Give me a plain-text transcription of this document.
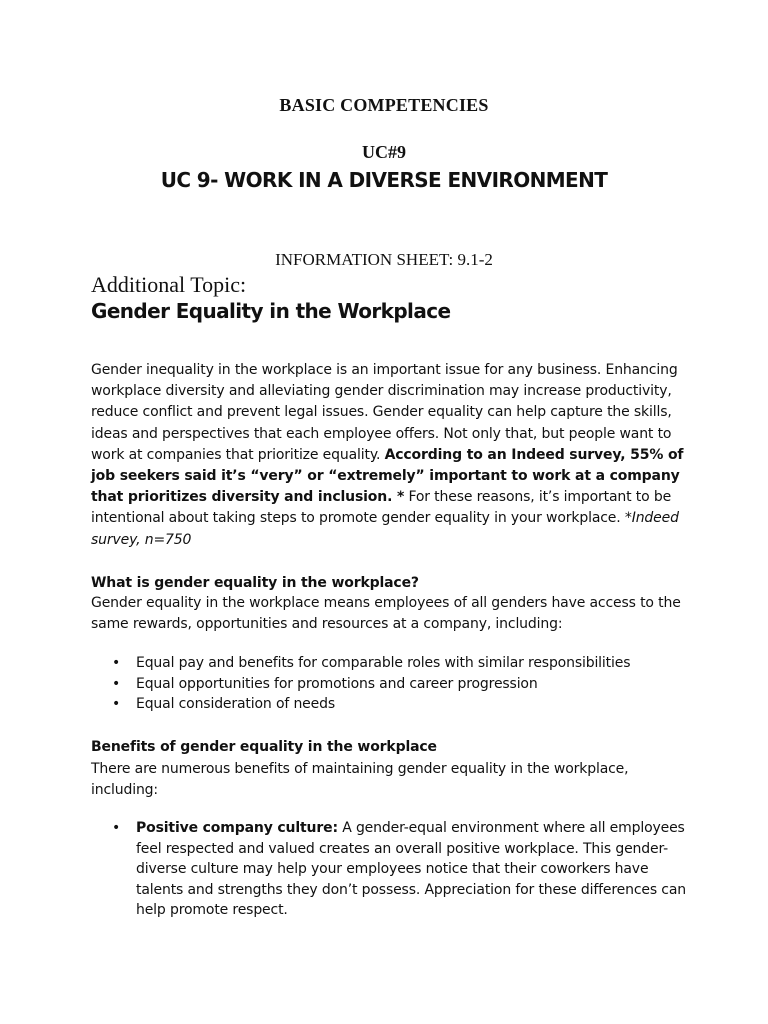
BASIC COMPETENCIES

UC#9

UC 9- WORK IN A DIVERSE ENVIRONMENT

INFORMATION SHEET: 9.1-2

Additional Topic:

Gender Equality in the Workplace

Gender inequality in the workplace is an important issue for any business. Enhancing workplace diversity and alleviating gender discrimination may increase productivity, reduce conflict and prevent legal issues. Gender equality can help capture the skills, ideas and perspectives that each employee offers. Not only that, but people want to work at companies that prioritize equality. According to an Indeed survey, 55% of job seekers said it’s “very” or “extremely” important to work at a company that prioritizes diversity and inclusion. * For these reasons, it’s important to be intentional about taking steps to promote gender equality in your workplace. *Indeed survey, n=750

What is gender equality in the workplace?

Gender equality in the workplace means employees of all genders have access to the same rewards, opportunities and resources at a company, including:

• Equal pay and benefits for comparable roles with similar responsibilities
• Equal opportunities for promotions and career progression
• Equal consideration of needs

Benefits of gender equality in the workplace

There are numerous benefits of maintaining gender equality in the workplace, including:

• Positive company culture: A gender-equal environment where all employees feel respected and valued creates an overall positive workplace. This gender-diverse culture may help your employees notice that their coworkers have talents and strengths they don’t possess. Appreciation for these differences can help promote respect.
